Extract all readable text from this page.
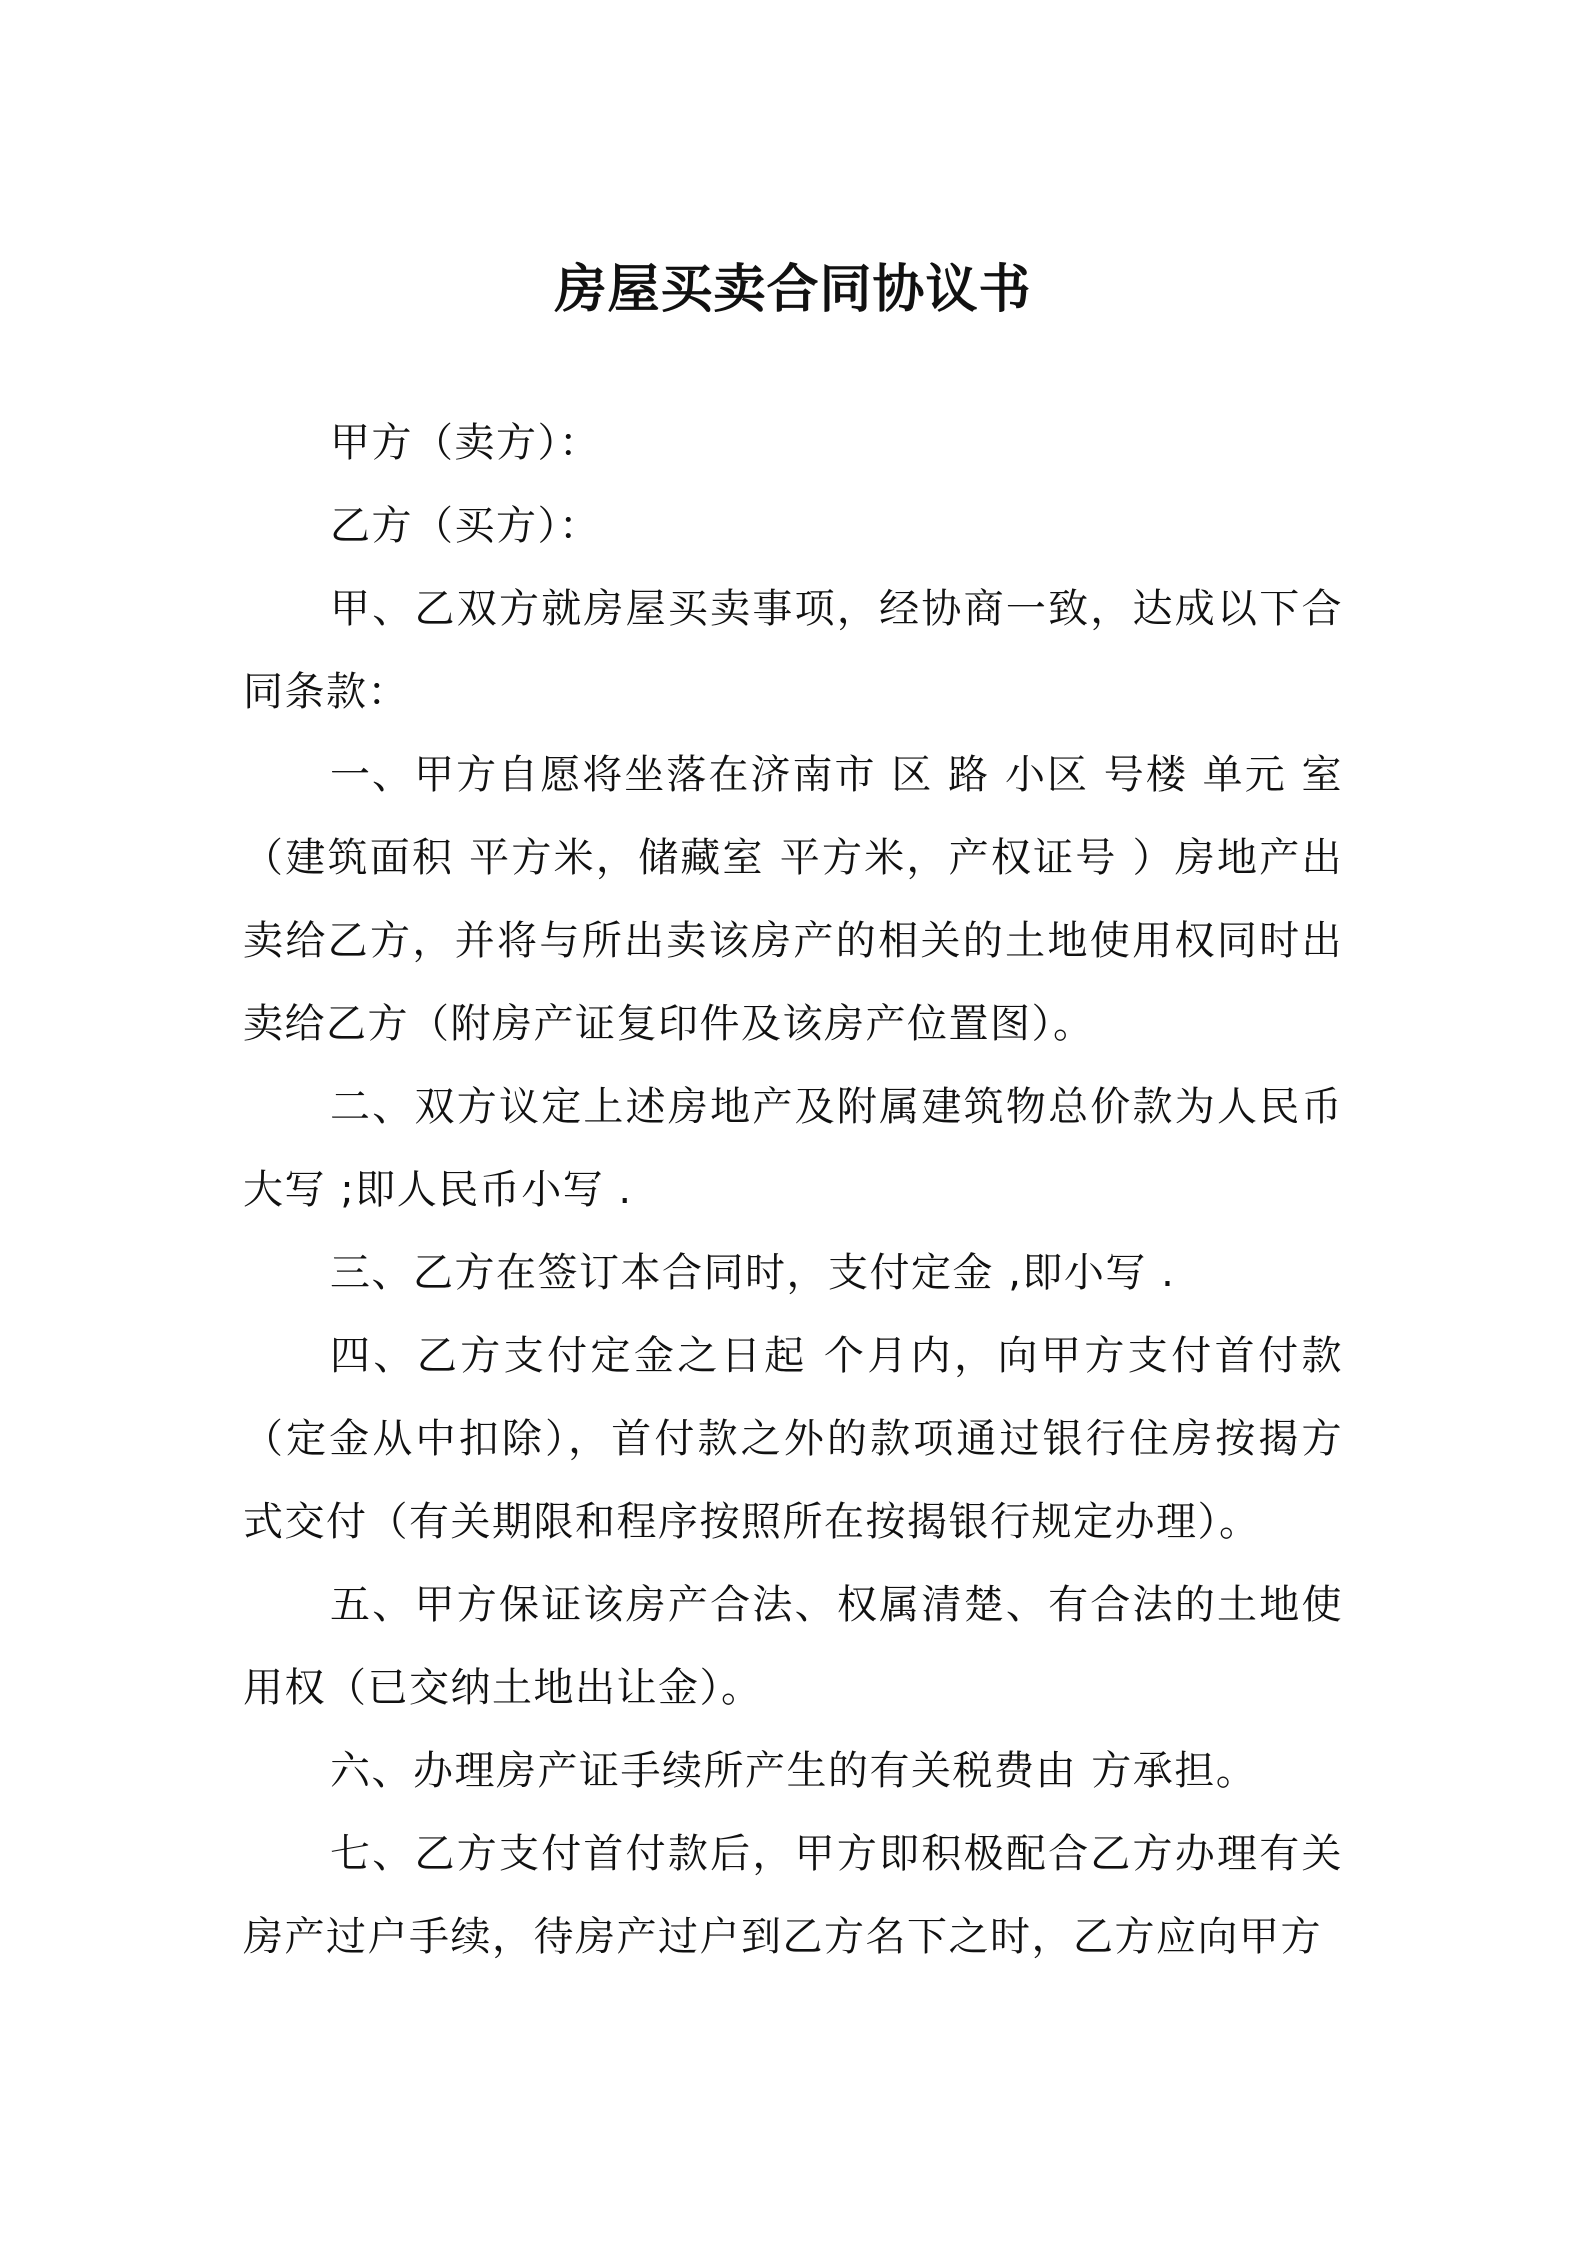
房屋买卖合同协议书

甲方（卖方）：

乙方（买方）：

甲、乙双方就房屋买卖事项，经协商一致，达成以下合同条款：

一、甲方自愿将坐落在济南市 区 路 小区 号楼 单元 室（建筑面积 平方米，储藏室 平方米，产权证号 ）房地产出卖给乙方，并将与所出卖该房产的相关的土地使用权同时出卖给乙方（附房产证复印件及该房产位置图）。

二、双方议定上述房地产及附属建筑物总价款为人民币大写 ;即人民币小写 .

三、乙方在签订本合同时，支付定金 ,即小写 .

四、乙方支付定金之日起 个月内，向甲方支付首付款（定金从中扣除），首付款之外的款项通过银行住房按揭方式交付（有关期限和程序按照所在按揭银行规定办理）。

五、甲方保证该房产合法、权属清楚、有合法的土地使用权（已交纳土地出让金）。

六、办理房产证手续所产生的有关税费由 方承担。

七、乙方支付首付款后，甲方即积极配合乙方办理有关房产过户手续，待房产过户到乙方名下之时，乙方应向甲方
